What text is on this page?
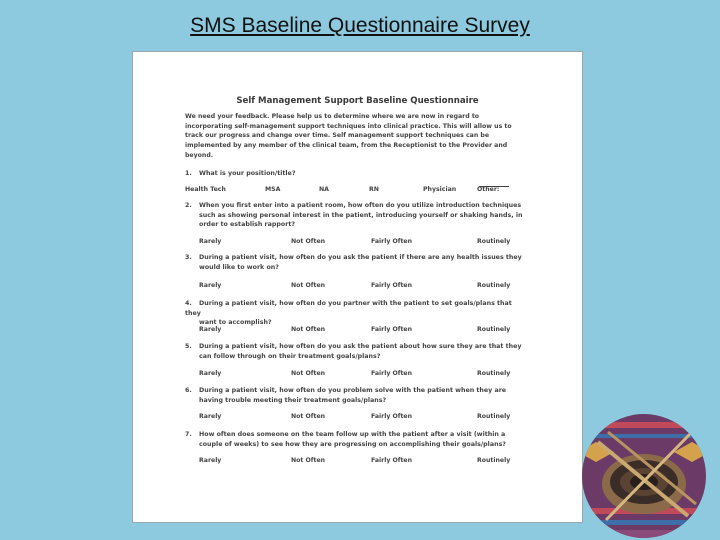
SMS Baseline Questionnaire Survey
Self Management Support Baseline Questionnaire
We need your feedback. Please help us to determine where we are now in regard to incorporating self-management support techniques into clinical practice. This will allow us to track our progress and change over time. Self management support techniques can be implemented by any member of the clinical team, from the Receptionist to the Provider and beyond.
1. What is your position/title?
Health Tech	MSA	NA	RN	Physician	Other:
2. When you first enter into a patient room, how often do you utilize introduction techniques
such as showing personal interest in the patient, introducing yourself or shaking hands, in
order to establish rapport?
Rarely	Not Often	Fairly Often	Routinely
3. During a patient visit, how often do you ask the patient if there are any health issues they
would like to work on?
Rarely	Not Often	Fairly Often	Routinely
4. During a patient visit, how often do you partner with the patient to set goals/plans that they
want to accomplish?
Rarely	Not Often	Fairly Often	Routinely
5. During a patient visit, how often do you ask the patient about how sure they are that they
can follow through on their treatment goals/plans?
Rarely	Not Often	Fairly Often	Routinely
6. During a patient visit, how often do you problem solve with the patient when they are
having trouble meeting their treatment goals/plans?
Rarely	Not Often	Fairly Often	Routinely
7. How often does someone on the team follow up with the patient after a visit (within a
couple of weeks) to see how they are progressing on accomplishing their goals/plans?
Rarely	Not Often	Fairly Often	Routinely
